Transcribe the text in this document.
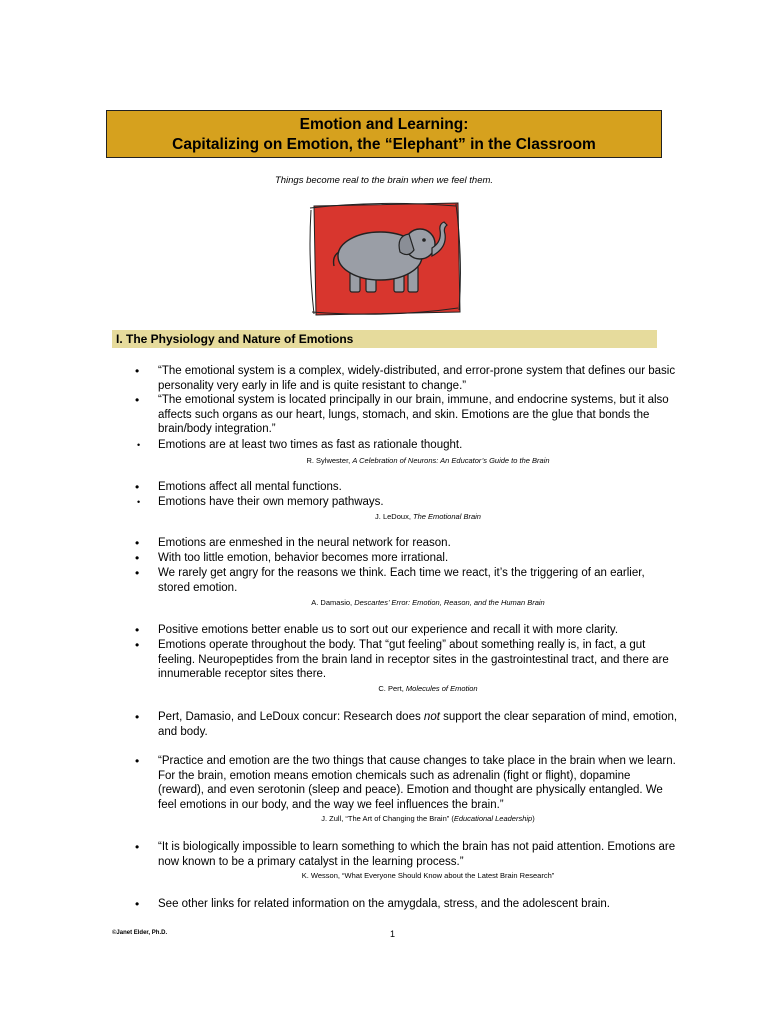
Emotion and Learning:
Capitalizing on Emotion, the “Elephant” in the Classroom
Things become real to the brain when we feel them.
I. The Physiology and Nature of Emotions
• “The emotional system is a complex, widely-distributed, and error-prone system that defines our basic personality very early in life and is quite resistant to change.”
• “The emotional system is located principally in our brain, immune, and endocrine systems, but it also affects such organs as our heart, lungs, stomach, and skin. Emotions are the glue that bonds the brain/body integration.”
• Emotions are at least two times as fast as rationale thought.
R. Sylwester, A Celebration of Neurons: An Educator’s Guide to the Brain
• Emotions affect all mental functions.
• Emotions have their own memory pathways.
J. LeDoux, The Emotional Brain
• Emotions are enmeshed in the neural network for reason.
• With too little emotion, behavior becomes more irrational.
• We rarely get angry for the reasons we think. Each time we react, it’s the triggering of an earlier, stored emotion.
A. Damasio, Descartes’ Error: Emotion, Reason, and the Human Brain
• Positive emotions better enable us to sort out our experience and recall it with more clarity.
• Emotions operate throughout the body. That “gut feeling” about something really is, in fact, a gut feeling. Neuropeptides from the brain land in receptor sites in the gastrointestinal tract, and there are innumerable receptor sites there.
C. Pert, Molecules of Emotion
• Pert, Damasio, and LeDoux concur: Research does not support the clear separation of mind, emotion, and body.
• “Practice and emotion are the two things that cause changes to take place in the brain when we learn. For the brain, emotion means emotion chemicals such as adrenalin (fight or flight), dopamine (reward), and even serotonin (sleep and peace). Emotion and thought are physically entangled. We feel emotions in our body, and the way we feel influences the brain.”
J. Zull, “The Art of Changing the Brain” (Educational Leadership)
• “It is biologically impossible to learn something to which the brain has not paid attention. Emotions are now known to be a primary catalyst in the learning process.”
K. Wesson, “What Everyone Should Know about the Latest Brain Research”
• See other links for related information on the amygdala, stress, and the adolescent brain.
©Janet Elder, Ph.D.	1
